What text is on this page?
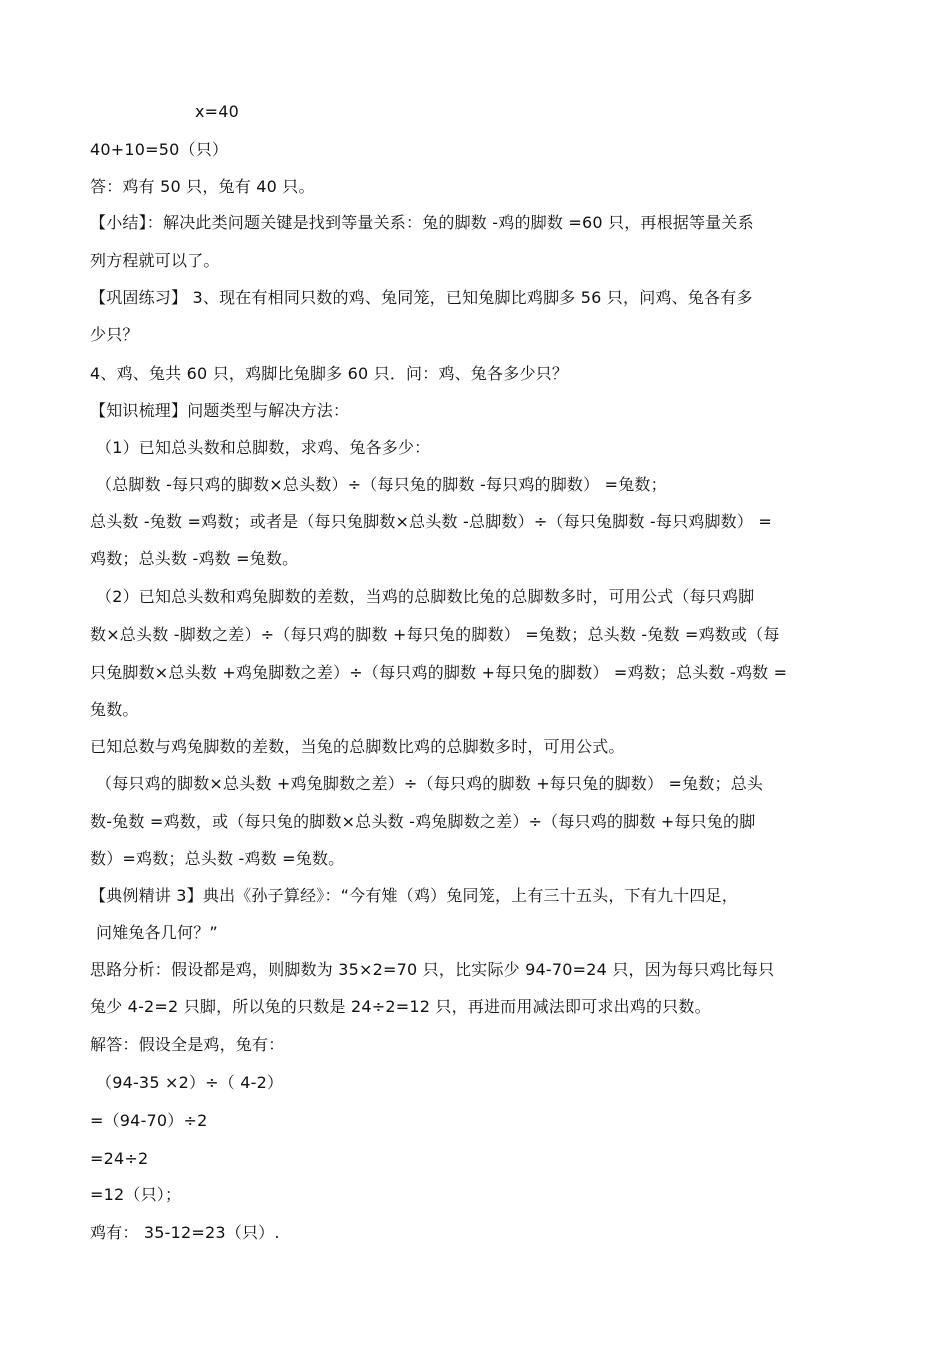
x=40
40+10=50（只）
答：鸡有 50 只，兔有 40 只。
【小结】：解决此类问题关键是找到等量关系：兔的脚数 -鸡的脚数 =60 只，再根据等量关系
列方程就可以了。
【巩固练习】 3、现在有相同只数的鸡、兔同笼，已知兔脚比鸡脚多 56 只，问鸡、兔各有多
少只？
4、鸡、兔共 60 只，鸡脚比兔脚多 60 只．问：鸡、兔各多少只？
【知识梳理】问题类型与解决方法：
（1）已知总头数和总脚数，求鸡、兔各多少：
（总脚数 -每只鸡的脚数×总头数）÷（每只兔的脚数 -每只鸡的脚数） =兔数；
总头数 -兔数 =鸡数；或者是（每只兔脚数×总头数 -总脚数）÷（每只兔脚数 -每只鸡脚数） =
鸡数；总头数 -鸡数 =兔数。
（2）已知总头数和鸡兔脚数的差数，当鸡的总脚数比兔的总脚数多时，可用公式（每只鸡脚
数×总头数 -脚数之差）÷（每只鸡的脚数 +每只兔的脚数） =兔数；总头数 -兔数 =鸡数或（每
只兔脚数×总头数 +鸡兔脚数之差）÷（每只鸡的脚数 +每只兔的脚数） =鸡数；总头数 -鸡数 =
兔数。
已知总数与鸡兔脚数的差数，当兔的总脚数比鸡的总脚数多时，可用公式。
（每只鸡的脚数×总头数 +鸡兔脚数之差）÷（每只鸡的脚数 +每只兔的脚数） =兔数；总头
数-兔数 =鸡数，或（每只兔的脚数×总头数 -鸡兔脚数之差）÷（每只鸡的脚数 +每只兔的脚
数）=鸡数；总头数 -鸡数 =兔数。
【典例精讲 3】典出《孙子算经》：“今有雉（鸡）兔同笼，上有三十五头，下有九十四足，
问雉兔各几何？”
思路分析：假设都是鸡，则脚数为 35×2=70 只，比实际少 94-70=24 只，因为每只鸡比每只
兔少 4-2=2 只脚，所以兔的只数是 24÷2=12 只，再进而用减法即可求出鸡的只数。
解答：假设全是鸡，兔有：
（94-35 ×2）÷（ 4-2）
=（94-70）÷2
=24÷2
=12（只）；
鸡有： 35-12=23（只）.
